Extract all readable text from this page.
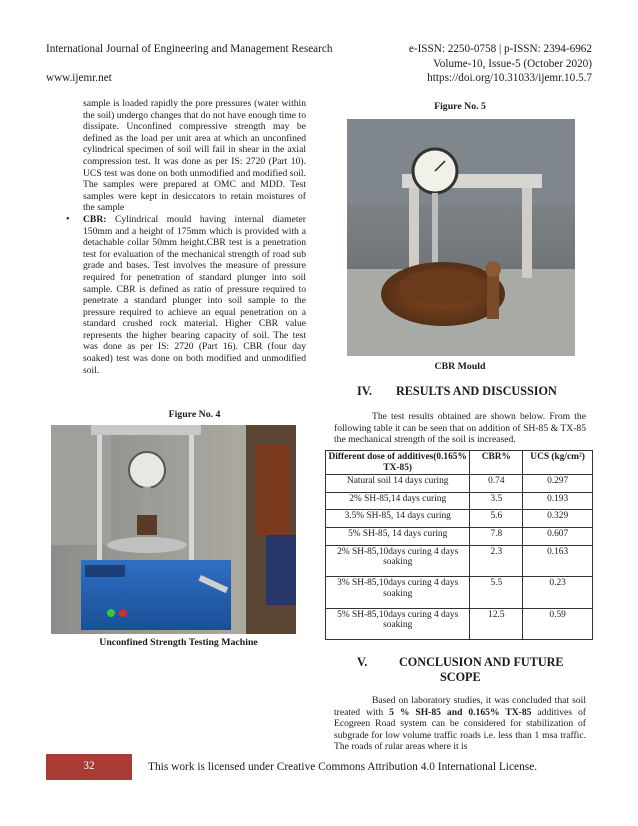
International Journal of Engineering and Management Research	e-ISSN: 2250-0758 | p-ISSN: 2394-6962
Volume-10, Issue-5 (October 2020)
www.ijemr.net	https://doi.org/10.31033/ijemr.10.5.7

sample is loaded rapidly the pore pressures (water within the soil) undergo changes that do not have enough time to dissipate. Unconfined compressive strength may be defined as the load per unit area at which an unconfined cylindrical specimen of soil will fail in shear in the axial compression test. It was done as per IS: 2720 (Part 10). UCS test was done on both unmodified and modified soil. The samples were prepared at OMC and MDD. Test samples were kept in desiccators to retain moistures of the sample

• CBR: Cylindrical mould having internal diameter 150mm and a height of 175mm which is provided with a detachable collar 50mm height.CBR test is a penetration test for evaluation of the mechanical strength of road sub grade and bases. Test involves the measure of pressure required for penetration of standard plunger into soil sample. CBR is defined as ratio of pressure required to penetrate a standard plunger into soil sample to the pressure required to achieve an equal penetration on a standard crushed rock material. Higher CBR value represents the higher bearing capacity of soil. The test was done as per IS: 2720 (Part 16). CBR (four day soaked) test was done on both modified and unmodified soil.

Figure No. 4
Unconfined Strength Testing Machine
Figure No. 5
CBR Mould
IV. RESULTS AND DISCUSSION
The test results obtained are shown below. From the following table it can be seen that on addition of SH-85 & TX-85 the mechanical strength of the soil is increased.
Different dose of additives(0.165% TX-85)	CBR%	UCS (kg/cm²)
Natural soil 14 days curing	0.74	0.297
2% SH-85,14 days curing	3.5	0.193
3.5% SH-85, 14 days curing	5.6	0.329
5% SH-85, 14 days curing	7.8	0.607
2% SH-85,10days curing 4 days soaking	2.3	0.163
3% SH-85,10days curing 4 days soaking	5.5	0.23
5% SH-85,10days curing 4 days soaking	12.5	0.59
V.	CONCLUSION AND FUTURE
SCOPE
Based on laboratory studies, it was concluded that soil treated with 5 % SH-85 and 0.165% TX-85 additives of Ecogreen Road system can be considered for stabilization of subgrade for low volume traffic roads i.e. less than 1 msa traffic. The roads of rular areas where it is
32	This work is licensed under Creative Commons Attribution 4.0 International License.
